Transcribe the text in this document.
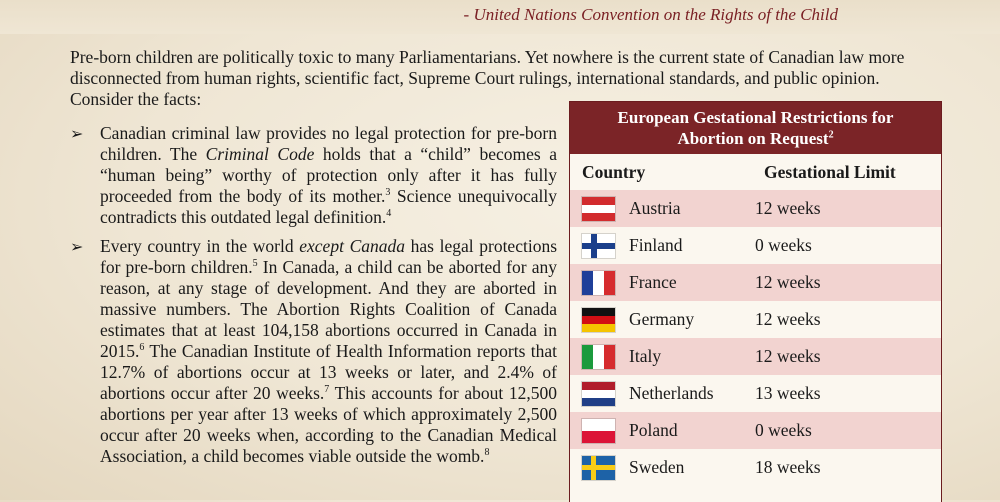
- United Nations Convention on the Rights of the Child

Pre-born children are politically toxic to many Parliamentarians. Yet nowhere is the current state of Canadian law more disconnected from human rights, scientific fact, Supreme Court rulings, international standards, and public opinion. Consider the facts:

➢ Canadian criminal law provides no legal protection for pre-born children. The Criminal Code holds that a “child” becomes a “human being” worthy of protection only after it has fully proceeded from the body of its mother.$^3$ Science unequivocally contradicts this outdated legal definition.$^4$

➢ Every country in the world except Canada has legal protections for pre-born children.$^5$ In Canada, a child can be aborted for any reason, at any stage of development. And they are aborted in massive numbers. The Abortion Rights Coalition of Canada estimates that at least 104,158 abortions occurred in Canada in 2015.$^6$ The Canadian Institute of Health Information reports that 12.7% of abortions occur at 13 weeks or later, and 2.4% of abortions occur after 20 weeks.$^7$ This accounts for about 12,500 abortions per year after 13 weeks of which approximately 2,500 occur after 20 weeks when, according to the Canadian Medical Association, a child becomes viable outside the womb.$^8$

European Gestational Restrictions for
Abortion on Request$^2$
Country	Gestational Limit
Austria	12 weeks
Finland	0 weeks
France	12 weeks
Germany	12 weeks
Italy	12 weeks
Netherlands	13 weeks
Poland	0 weeks
Sweden	18 weeks
